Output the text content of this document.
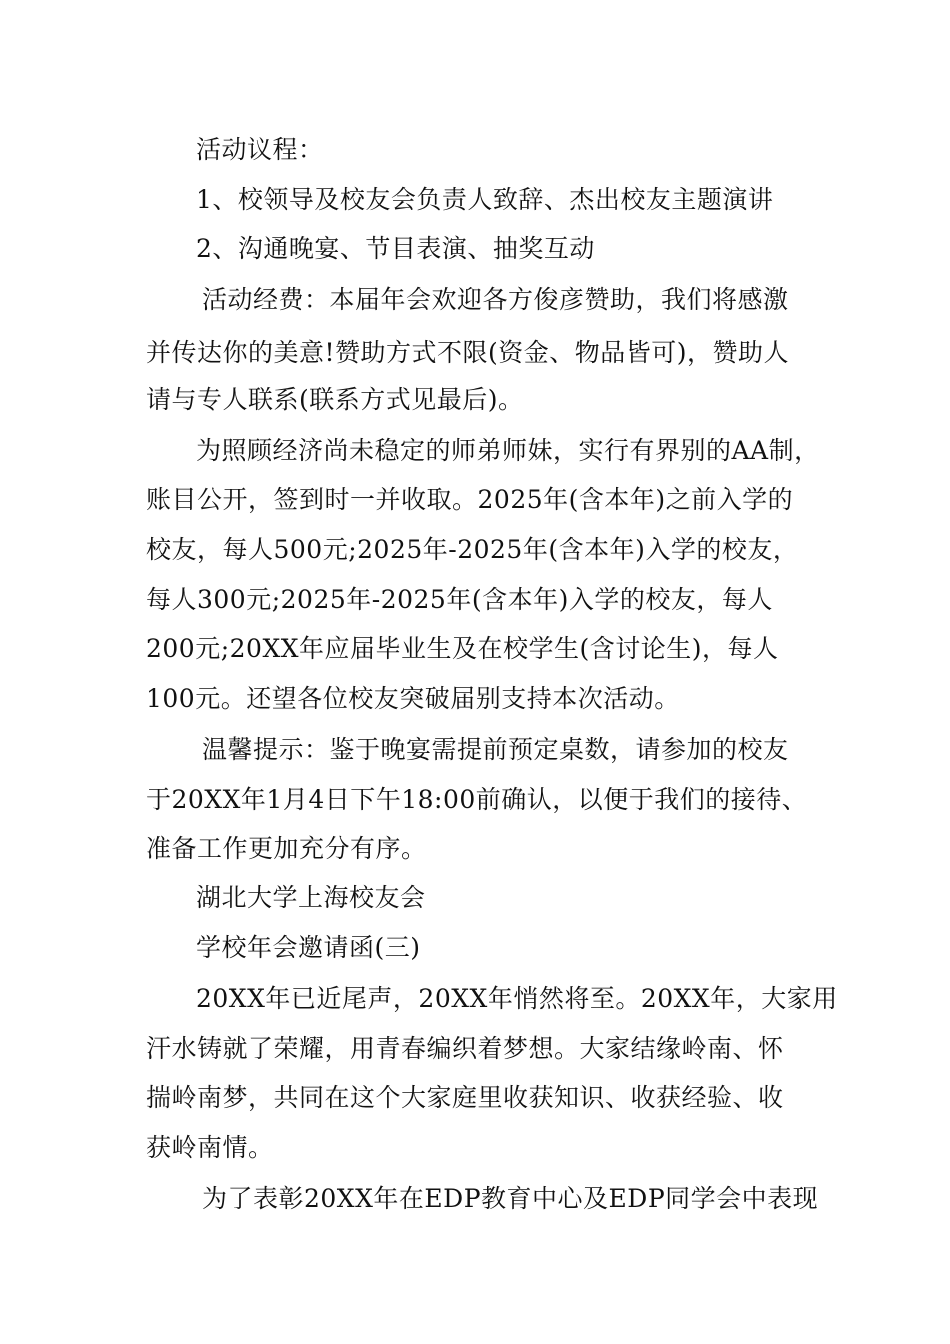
活动议程：
1、校领导及校友会负责人致辞、杰出校友主题演讲
2、沟通晚宴、节目表演、抽奖互动
活动经费：本届年会欢迎各方俊彦赞助，我们将感激
并传达你的美意!赞助方式不限(资金、物品皆可)，赞助人
请与专人联系(联系方式见最后)。
为照顾经济尚未稳定的师弟师妹，实行有界别的AA制，
账目公开，签到时一并收取。2025年(含本年)之前入学的
校友，每人500元;2025年-2025年(含本年)入学的校友，
每人300元;2025年-2025年(含本年)入学的校友，每人
200元;20XX年应届毕业生及在校学生(含讨论生)，每人
100元。还望各位校友突破届别支持本次活动。
温馨提示：鉴于晚宴需提前预定桌数，请参加的校友
于20XX年1月4日下午18:00前确认，以便于我们的接待、
准备工作更加充分有序。
湖北大学上海校友会
学校年会邀请函(三)
20XX年已近尾声，20XX年悄然将至。20XX年，大家用
汗水铸就了荣耀，用青春编织着梦想。大家结缘岭南、怀
揣岭南梦，共同在这个大家庭里收获知识、收获经验、收
获岭南情。
为了表彰20XX年在EDP教育中心及EDP同学会中表现
